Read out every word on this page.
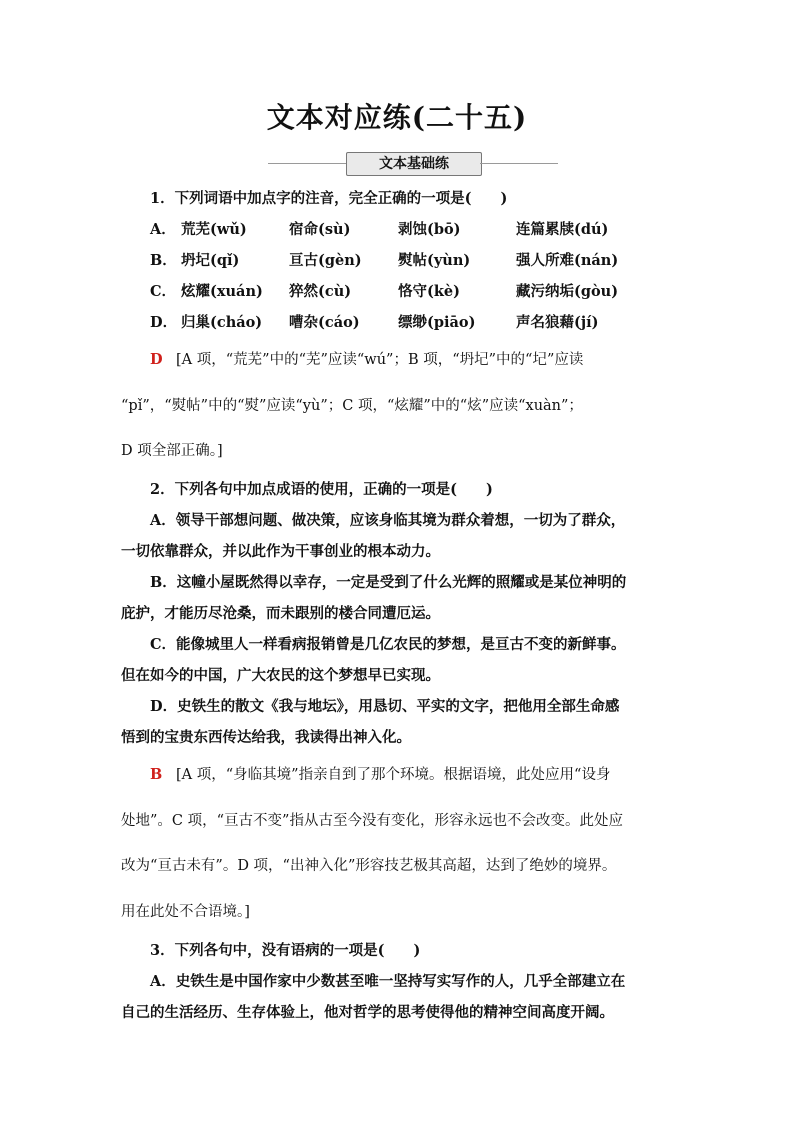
文本对应练(二十五)
文本基础练
1．下列词语中加点字的注音，完全正确的一项是(　　)
A． 荒芜(wǔ)	宿命(sù)	剥蚀(bō)	连篇累牍(dú)
B． 坍圮(qǐ)	亘古(gèn)	熨帖(yùn)	强人所难(nán)
C． 炫耀(xuán) 猝然(cù)	恪守(kè)	藏污纳垢(gòu)
D． 归巢(cháo) 嘈杂(cáo)	缥缈(piāo)	声名狼藉(jí)
D [A 项，“荒芜”中的“芜”应读“wú”；B 项，“坍圮”中的“圮”应读
“pǐ”，“熨帖”中的“熨”应读“yù”；C 项，“炫耀”中的“炫”应读“xuàn”；
D 项全部正确。]
2．下列各句中加点成语的使用，正确的一项是(　　)
A．领导干部想问题、做决策，应该身临其境为群众着想，一切为了群众，
一切依靠群众，并以此作为干事创业的根本动力。
B．这幢小屋既然得以幸存，一定是受到了什么光辉的照耀或是某位神明的
庇护，才能历尽沧桑，而未跟别的楼合同遭厄运。
C．能像城里人一样看病报销曾是几亿农民的梦想，是亘古不变的新鲜事。
但在如今的中国，广大农民的这个梦想早已实现。
D．史铁生的散文《我与地坛》，用恳切、平实的文字，把他用全部生命感
悟到的宝贵东西传达给我，我读得出神入化。
B [A 项，“身临其境”指亲自到了那个环境。根据语境，此处应用“设身
处地”。C 项，“亘古不变”指从古至今没有变化，形容永远也不会改变。此处应
改为“亘古未有”。D 项，“出神入化”形容技艺极其高超，达到了绝妙的境界。
用在此处不合语境。]
3．下列各句中，没有语病的一项是(　　)
A．史铁生是中国作家中少数甚至唯一坚持写实写作的人，几乎全部建立在
自己的生活经历、生存体验上，他对哲学的思考使得他的精神空间高度开阔。
